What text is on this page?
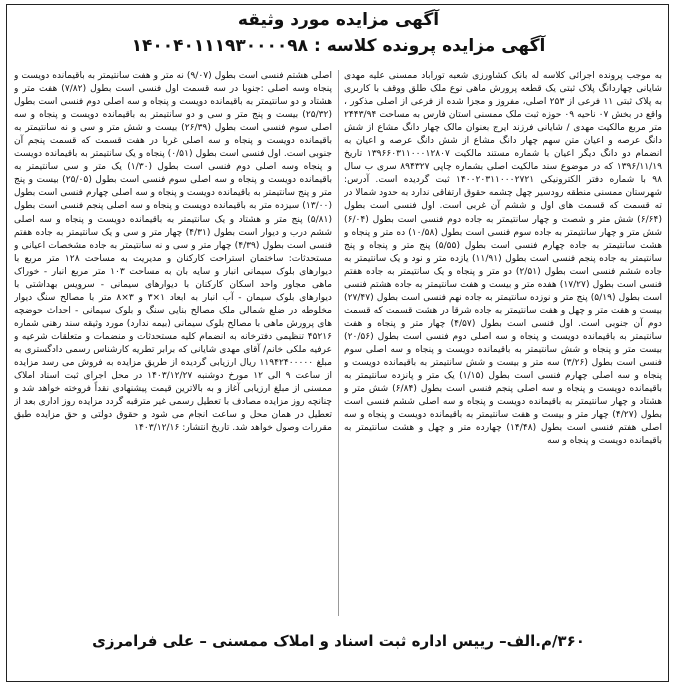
آگهی مزایده مورد وثیقه
آگهی مزایده پرونده کلاسه : ۱۴۰۰۴۰۱۱۱۹۳۰۰۰۰۹۸

به موجب پرونده اجرائی کلاسه له بانک کشاورزی شعبه توراباد ممسنی علیه مهدی شایانی چهاردانگ پلاک ثبتی یک قطعه پرورش ماهی نوع ملک طلق ووقف با کاربری به پلاک ثبتی ۱۱ فرعی از ۲۵۳ اصلی، مفروز و مجزا شده از فرعی از اصلی مذکور ، واقع در بخش ۰۷ ناحیه ۰۹ حوزه ثبت ملک ممسنی استان فارس به مساحت ۲۴۴۳/۹۴ متر مربع مالکیت مهدی / شایانی فرزند ایرج بعنوان مالک چهار دانگ مشاع از شش دانگ عرصه و اعیان متن سهم چهار دانگ مشاع از شش دانگ عرصه و اعیان به انضمام دو دانگ دیگر اعیان با شماره مستند مالکیت ۱۳۹۶۶۰۳۱۱۰۰۰۱۲۸۰۷ تاریخ ۱۳۹۶/۱۱/۱۹ که در موضوع سند مالکیت اصلی بشماره چاپی ۸۹۴۳۲۷ سری ب سال ۹۸ با شماره دفتر الکترونیکی ۱۴۰۰۲۰۳۱۱۰۰۰۲۷۲۱ ثبت گردیده است. آدرس: شهرستان ممسنی منطقه رودسیر چهل چشمه حقوق ارتفاقی ندارد به حدود شمالا در ته قسمت که قسمت های اول و ششم آن غربی است. اول فنسی است بطول (۶/۶۴) شش متر و شصت و چهار سانتیمتر به جاده دوم فنسی است بطول (۶/۰۴) شش متر و چهار سانتیمتر به جاده سوم فنسی است بطول (۱۰/۵۸) ده متر و پنجاه و هشت سانتیمتر به جاده چهارم فنسی است بطول (۵/۵۵) پنج متر و پنجاه و پنج سانتیمتر به جاده پنجم فنسی است بطول (۱۱/۹۱) یازده متر و نود و یک سانتیمتر به جاده ششم فنسی است بطول (۲/۵۱) دو متر و پنجاه و یک سانتیمتر به جاده هفتم فنسی است بطول (۱۷/۲۷) هفده متر و بیست و هفت سانتیمتر به جاده هشتم فنسی است بطول (۵/۱۹) پنج متر و نوزده سانتیمتر به جاده نهم فنسی است بطول (۲۷/۴۷) بیست و هفت متر و چهل و هفت سانتیمتر به جاده شرقا در هشت قسمت که قسمت دوم آن جنوبی است. اول فنسی است بطول (۴/۵۷) چهار متر و پنجاه و هفت سانتیمتر به باقیمانده دویست و پنجاه و سه اصلی دوم فنسی است بطول (۲۰/۵۶) بیست متر و پنجاه و شش سانتیمتر به باقیمانده دویست و پنجاه و سه اصلی سوم فنسی است بطول (۳/۲۶) سه متر و بیست و شش سانتیمتر به باقیمانده دویست و پنجاه و سه اصلی چهارم فنسی است بطول (۱/۱۵) یک متر و پانزده سانتیمتر به باقیمانده دویست و پنجاه و سه اصلی پنجم فنسی است بطول (۶/۸۴) شش متر و هشتاد و چهار سانتیمتر به باقیمانده دویست و پنجاه و سه اصلی ششم فنسی است بطول (۴/۲۷) چهار متر و بیست و هفت سانتیمتر به باقیمانده دویست و پنجاه و سه اصلی هفتم فنسی است بطول (۱۴/۴۸) چهارده متر و چهل و هشت سانتیمتر به باقیمانده دویست و پنجاه و سه

اصلی هشتم فنسی است بطول (۹/۰۷) نه متر و هفت سانتیمتر به باقیمانده دویست و پنجاه وسه اصلی :جنوبا در سه قسمت اول فنسی است بطول (۷/۸۲) هفت متر و هشتاد و دو سانتیمتر به باقیمانده دویست و پنجاه و سه اصلی دوم فنسی است بطول (۲۵/۳۲) بیست و پنج متر و سی و دو سانتیمتر به باقیمانده دویست و پنجاه و سه اصلی سوم فنسی است بطول (۲۶/۳۹) بیست و شش متر و سی و نه سانتیمتر به باقیمانده دویست و پنجاه و سه اصلی غربا در هفت قسمت که قسمت پنجم آن جنوبی است. اول فنسی است بطول (۰/۵۱) پنجاه و یک سانتیمتر به باقیمانده دویست و پنجاه وسه اصلی دوم فنسی است بطول (۱/۳۰) یک متر و سی سانتیمتر به باقیمانده دویست و پنجاه و سه اصلی سوم فنسی است بطول (۲۵/۰۵) بیست و پنج متر و پنج سانتیمتر به باقیمانده دویست و پنجاه و سه اصلی چهارم فنسی است بطول (۱۳/۰۰) سیزده متر به باقیمانده دویست و پنجاه و سه اصلی پنجم فنسی است بطول (۵/۸۱) پنج متر و هشتاد و یک سانتیمتر به باقیمانده دویست و پنجاه و سه اصلی ششم درب و دیوار است بطول (۴/۳۱) چهار متر و سی و یک سانتیمتر به جاده هفتم فنسی است بطول (۴/۳۹) چهار متر و سی و نه سانتیمتر به جاده مشخصات اعیانی و مستحدثات: ساختمان استراحت کارکنان و مدیریت به مساحت ۱۲۸ متر مربع با دیوارهای بلوک سیمانی انبار و سایه بان به مساحت ۱۰۳ متر مربع انبار - خوراک ماهی مجاور واحد اسکان کارکنان با دیوارهای سیمانی - سرویس بهداشتی با دیوارهای بلوک سیمان - آب انبار به ابعاد ۱×۳ و ۳×۸ متر با مصالح سنگ دیوار مخلوطه در ضلع شمالی ملک مصالح بنایی سنگ و بلوک سیمانی - احداث حوضچه های پرورش ماهی با مصالح بلوک سیمانی (بیمه ندارد) مورد وثیقه سند رهنی شماره ۴۵۲۱۶ تنظیمی دفترخانه به انضمام کلیه مستحدثات و منضمات و متعلقات شرعیه و عرفیه ملکی خانم/ آقای مهدی شایانی که برابر تطریه کارشناس رسمی دادگستری به مبلغ ۱۱۹۴۲۴۰۰۰۰۰ ریال ارزیابی گردیده از طریق مزایده به فروش می رسد مزایده از ساعت ۹ الی ۱۲ مورخ دوشنبه ۱۴۰۳/۱۲/۲۷ در محل اجرای ثبت اسناد املاک ممسنی از مبلغ ارزیابی آغاز و به بالاترین قیمت پیشنهادی نقداً فروخته خواهد شد و چنانچه روز مزایده مصادف با تعطیل رسمی غیر مترقبه گردد مزایده روز اداری بعد از تعطیل در همان محل و ساعت انجام می شود و حقوق دولتی و حق مزایده طبق مقررات وصول خواهد شد. تاریخ انتشار: ۱۴۰۳/۱۲/۱۶

۳۶۰/م.الف– رییس اداره ثبت اسناد و املاک ممسنی – علی فرامرزی
